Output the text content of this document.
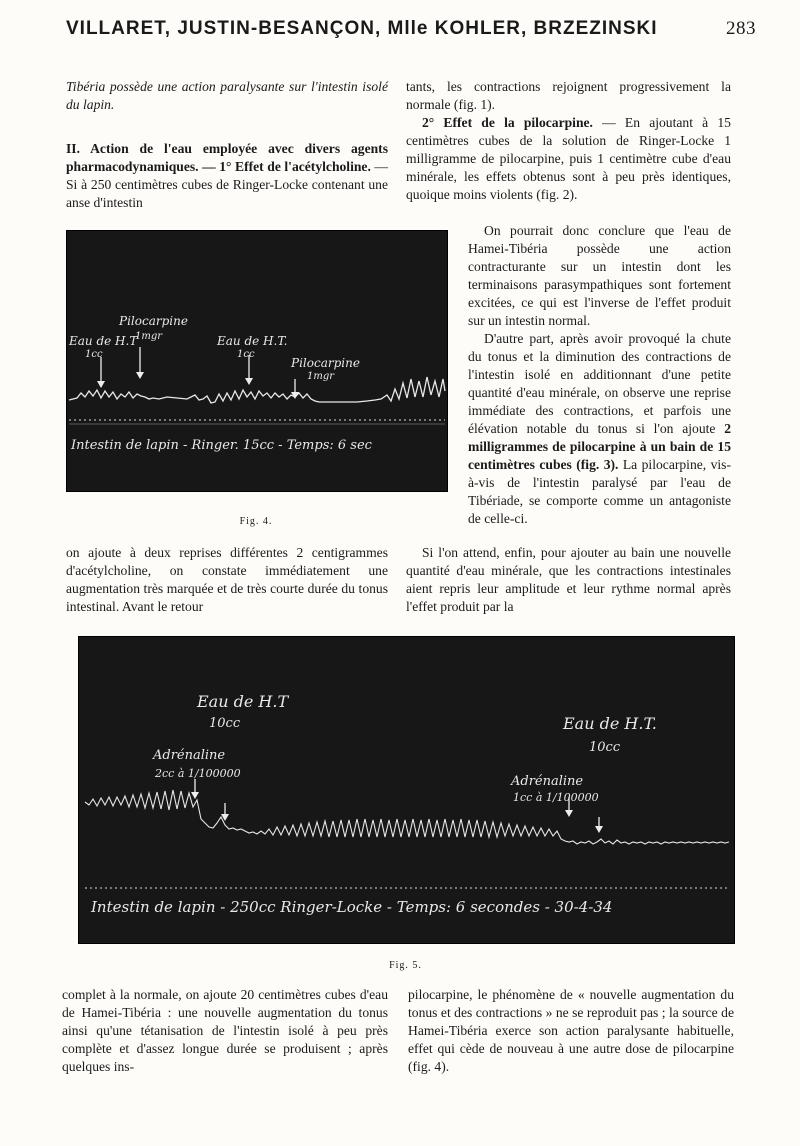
VILLARET, JUSTIN-BESANÇON, Mlle KOHLER, BRZEZINSKI	283

Tibéria possède une action paralysante sur l'intestin isolé du lapin.

II. Action de l'eau employée avec divers agents pharmacodynamiques. — 1° Effet de l'acétylcholine. — Si à 250 centimètres cubes de Ringer-Locke contenant une anse d'intestin

tants, les contractions rejoignent progressivement la normale (fig. 1).

2° Effet de la pilocarpine. — En ajoutant à 15 centimètres cubes de la solution de Ringer-Locke 1 milligramme de pilocarpine, puis 1 centimètre cube d'eau minérale, les effets obtenus sont à peu près identiques, quoique moins violents (fig. 2).

On pourrait donc conclure que l'eau de Hamei-Tibéria possède une action contracturante sur un intestin dont les terminaisons parasympathiques sont fortement excitées, ce qui est l'inverse de l'effet produit sur un intestin normal.

D'autre part, après avoir provoqué la chute du tonus et la diminution des contractions de l'intestin isolé en additionnant d'une petite quantité d'eau minérale, on observe une reprise immédiate des contractions, et parfois une élévation notable du tonus si l'on ajoute 2 milligrammes de pilocarpine à un bain de 15 centimètres cubes (fig. 3). La pilocarpine, vis-à-vis de l'intestin paralysé par l'eau de Tibériade, se comporte comme un antagoniste de celle-ci.

Si l'on attend, enfin, pour ajouter au bain une nouvelle quantité d'eau minérale, que les contractions intestinales aient repris leur amplitude et leur rythme normal après l'effet produit par la

Eau de H.T
1cc
Pilocarpine
1mgr	Eau de H.T.
1cc
Pilocarpine
1mgr
Intestin de lapin - Ringer. 15cc - Temps: 6 sec
Fig. 4.

on ajoute à deux reprises différentes 2 centigrammes d'acétylcholine, on constate immédiatement une augmentation très marquée et de très courte durée du tonus intestinal. Avant le retour

Eau de H.T
10cc
Adrénaline
2cc à 1/100000
Eau de H.T.
10cc
Adrénaline
1cc à 1/100000
Intestin de lapin - 250cc Ringer-Locke - Temps: 6 secondes - 30-4-34
Fig. 5.

complet à la normale, on ajoute 20 centimètres cubes d'eau de Hamei-Tibéria : une nouvelle augmentation du tonus ainsi qu'une tétanisation de l'intestin isolé à peu près complète et d'assez longue durée se produisent ; après quelques ins-

pilocarpine, le phénomène de « nouvelle augmentation du tonus et des contractions » ne se reproduit pas ; la source de Hamei-Tibéria exerce son action paralysante habituelle, effet qui cède de nouveau à une autre dose de pilocarpine (fig. 4).
